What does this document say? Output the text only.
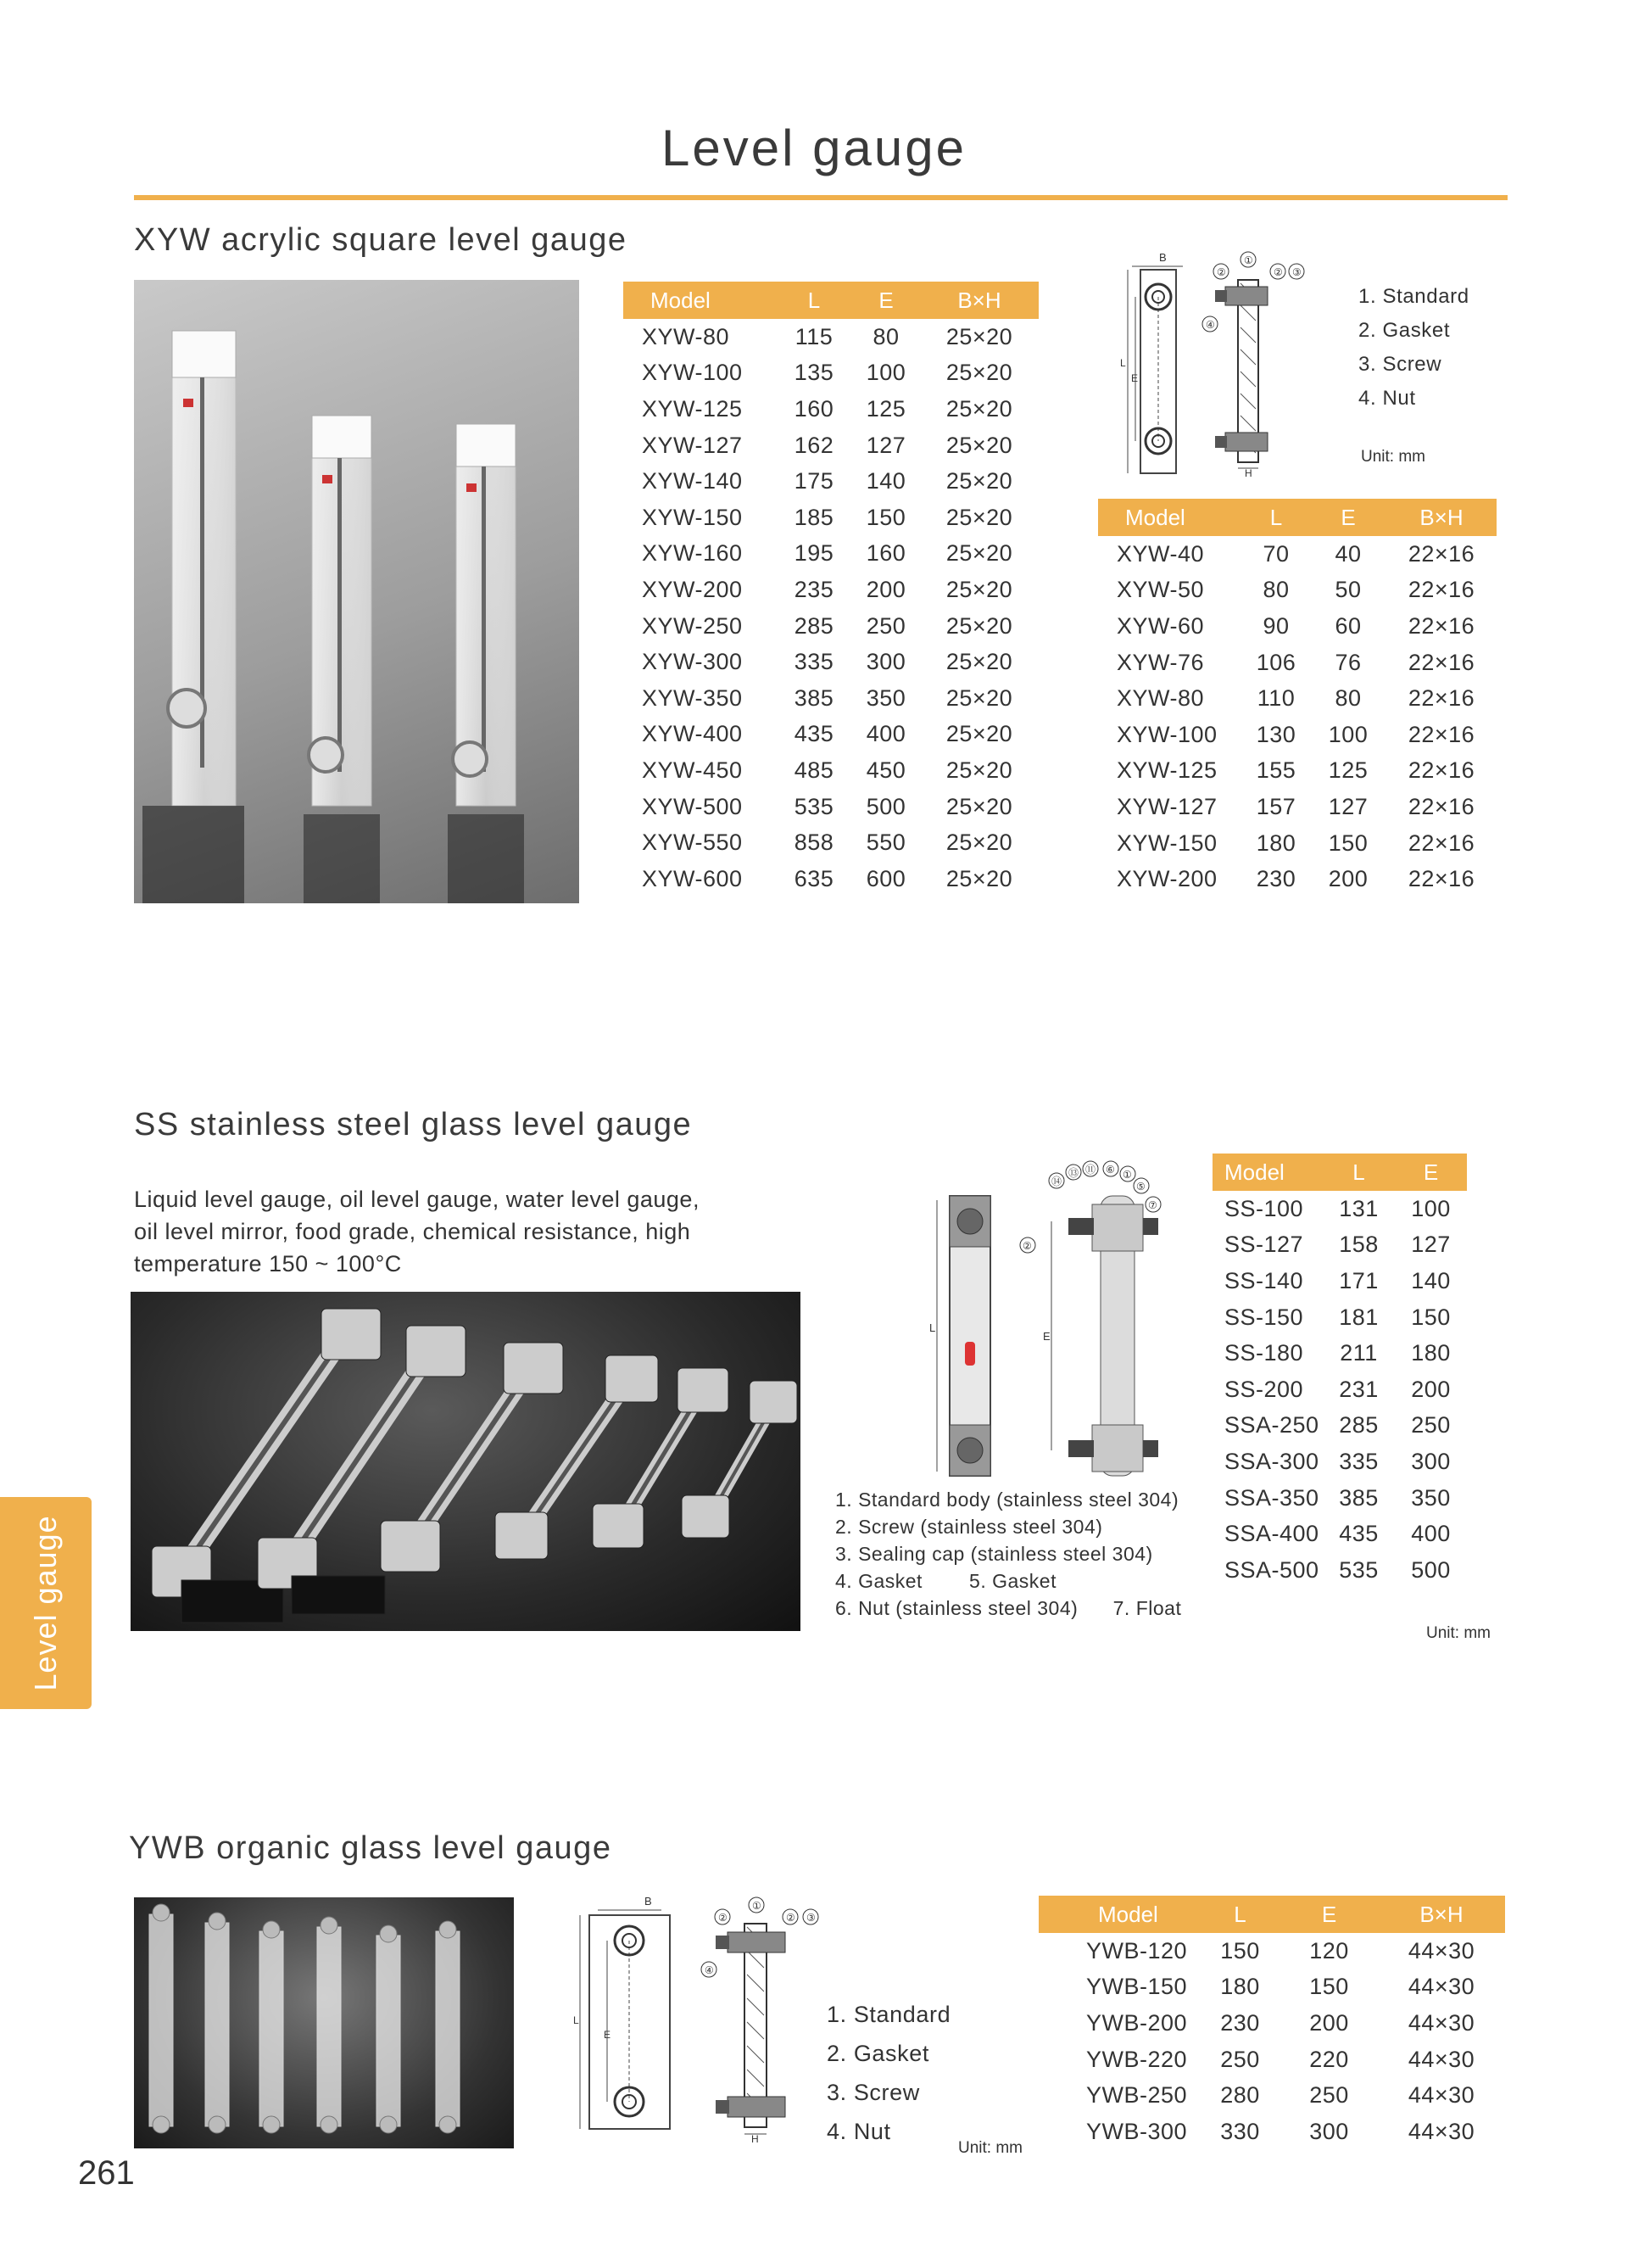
Level gauge
Level gauge
XYW acrylic square level gauge
Model	L	E	B×H
XYW-80	115	80	25×20
XYW-100	135	100	25×20
XYW-125	160	125	25×20
XYW-127	162	127	25×20
XYW-140	175	140	25×20
XYW-150	185	150	25×20
XYW-160	195	160	25×20
XYW-200	235	200	25×20
XYW-250	285	250	25×20
XYW-300	335	300	25×20
XYW-350	385	350	25×20
XYW-400	435	400	25×20
XYW-450	485	450	25×20
XYW-500	535	500	25×20
XYW-550	858	550	25×20
XYW-600	635	600	25×20
B
L
E
H
①
②	② ③
④
1. Standard
2. Gasket
3. Screw
4. Nut
Unit: mm
Model	L	E	B×H
XYW-40	70	40	22×16
XYW-50	80	50	22×16
XYW-60	90	60	22×16
XYW-76	106	76	22×16
XYW-80	110	80	22×16
XYW-100	130	100	22×16
XYW-125	155	125	22×16
XYW-127	157	127	22×16
XYW-150	180	150	22×16
XYW-200	230	200	22×16
SS stainless steel glass level gauge
Liquid level gauge, oil level gauge, water level gauge,
oil level mirror, food grade, chemical resistance, high
temperature 150 ~ 100°C
L
E
⑭
⑬ ⑪ ⑥ ①
⑤
⑦
②
1. Standard body (stainless steel 304)
2. Screw (stainless steel 304)
3. Sealing cap (stainless steel 304)
4. Gasket        5. Gasket
6. Nut (stainless steel 304)      7. Float
Model	L	E
SS-100	131	100
SS-127	158	127
SS-140	171	140
SS-150	181	150
SS-180	211	180
SS-200	231	200
SSA-250	285	250
SSA-300	335	300
SSA-350	385	350
SSA-400	435	400
SSA-500	535	500
Unit: mm
YWB organic glass level gauge
B
L
E
H
①
②	② ③
④
1. Standard
2. Gasket
3. Screw
4. Nut
Unit: mm
Model	L	E	B×H
YWB-120	150	120	44×30
YWB-150	180	150	44×30
YWB-200	230	200	44×30
YWB-220	250	220	44×30
YWB-250	280	250	44×30
YWB-300	330	300	44×30
261
